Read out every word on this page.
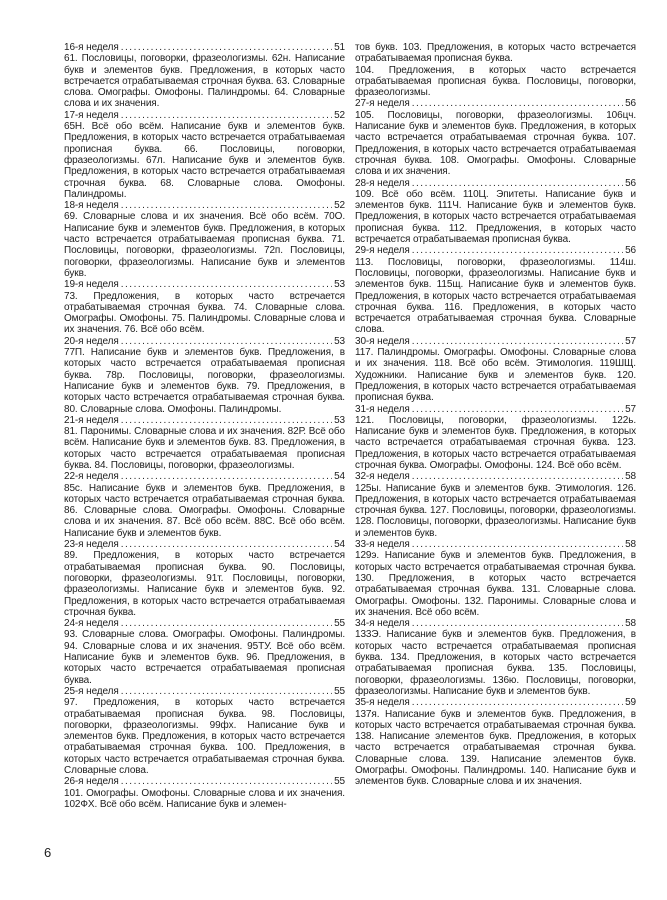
16-я неделя .....	51

61. Пословицы, поговорки, фразеологизмы. 62н. Написание букв и элементов букв. Предложения, в которых часто встречается отрабатываемая строчная буква. 63. Словарные слова. Омографы. Омофоны. Палиндромы. 64. Словарные слова и их значения.

17-я неделя .....	52

65Н. Всё обо всём. Написание букв и элементов букв. Предложения, в которых часто встречается отрабатываемая прописная буква. 66. Пословицы, поговорки, фразеологизмы. 67л. Написание букв и элементов букв. Предложения, в которых часто встречается отрабатываемая строчная буква. 68. Словарные слова. Омофоны. Палиндромы.

18-я неделя .....	52

69. Словарные слова и их значения. Всё обо всём. 70О. Написание букв и элементов букв. Предложения, в которых часто встречается отрабатываемая прописная буква. 71. Пословицы, поговорки, фразеологизмы. 72п. Пословицы, поговорки, фразеологизмы. Написание букв и элементов букв.

19-я неделя .....	53

73. Предложения, в которых часто встречается отрабатываемая строчная буква. 74. Словарные слова. Омографы. Омофоны. 75. Палиндромы. Словарные слова и их значения. 76. Всё обо всём.

20-я неделя .....	53

77П. Написание букв и элементов букв. Предложения, в которых часто встречается отрабатываемая прописная буква. 78р. Пословицы, поговорки, фразеологизмы. Написание букв и элементов букв. 79. Предложения, в которых часто встречается отрабатываемая строчная буква. 80. Словарные слова. Омофоны. Палиндромы.

21-я неделя .....	53

81. Паронимы. Словарные слова и их значения. 82Р. Всё обо всём. Написание букв и элементов букв. 83. Предложения, в которых часто встречается отрабатываемая прописная буква. 84. Пословицы, поговорки, фразеологизмы.

22-я неделя .....	54

85с. Написание букв и элементов букв. Предложения, в которых часто встречается отрабатываемая строчная буква. 86. Словарные слова. Омографы. Омофоны. Словарные слова и их значения. 87. Всё обо всём. 88С. Всё обо всём. Написание букв и элементов букв.

23-я неделя .....	54

89. Предложения, в которых часто встречается отрабатываемая прописная буква. 90. Пословицы, поговорки, фразеологизмы. 91т. Пословицы, поговорки, фразеологизмы. Написание букв и элементов букв. 92. Предложения, в которых часто встречается отрабатываемая строчная буква.

24-я неделя .....	55

93. Словарные слова. Омографы. Омофоны. Палиндромы. 94. Словарные слова и их значения. 95ТУ. Всё обо всём. Написание букв и элементов букв. 96. Предложения, в которых часто встречается отрабатываемая прописная буква.

25-я неделя .....	55

97. Предложения, в которых часто встречается отрабатываемая прописная буква. 98. Пословицы, поговорки, фразеологизмы. 99фх. Написание букв и элементов букв. Предложения, в которых часто встречается отрабатываемая строчная буква. 100. Предложения, в которых часто встречается отрабатываемая строчная буква. Словарные слова.

26-я неделя .....	55

101. Омографы. Омофоны. Словарные слова и их значения. 102ФХ. Всё обо всём. Написание букв и элемен-

тов букв. 103. Предложения, в которых часто встречается отрабатываемая прописная буква.

104. Предложения, в которых часто встречается отрабатываемая прописная буква. Пословицы, поговорки, фразеологизмы.

27-я неделя .....	56

105. Пословицы, поговорки, фразеологизмы. 106цч. Написание букв и элементов букв. Предложения, в которых часто встречается отрабатываемая строчная буква. 107. Предложения, в которых часто встречается отрабатываемая строчная буква. 108. Омографы. Омофоны. Словарные слова и их значения.

28-я неделя .....	56

109. Всё обо всём. 110Ц. Эпитеты. Написание букв и элементов букв. 111Ч. Написание букв и элементов букв. Предложения, в которых часто встречается отрабатываемая прописная буква. 112. Предложения, в которых часто встречается отрабатываемая прописная буква.

29-я неделя .....	56

113. Пословицы, поговорки, фразеологизмы. 114ш. Пословицы, поговорки, фразеологизмы. Написание букв и элементов букв. 115щ. Написание букв и элементов букв. Предложения, в которых часто встречается отрабатываемая строчная буква. 116. Предложения, в которых часто встречается отрабатываемая строчная буква. Словарные слова.

30-я неделя .....	57

117. Палиндромы. Омографы. Омофоны. Словарные слова и их значения. 118. Всё обо всём. Этимология. 119ШЩ. Художники. Написание букв и элементов букв. 120. Предложения, в которых часто встречается отрабатываемая прописная буква.

31-я неделя .....	57

121. Пословицы, поговорки, фразеологизмы. 122ь. Написание букв и элементов букв. Предложения, в которых часто встречается отрабатываемая строчная буква. 123. Предложения, в которых часто встречается отрабатываемая строчная буква. Омографы. Омофоны. 124. Всё обо всём.

32-я неделя .....	58

125ы. Написание букв и элементов букв. Этимология. 126. Предложения, в которых часто встречается отрабатываемая строчная буква. 127. Пословицы, поговорки, фразеологизмы. 128. Пословицы, поговорки, фразеологизмы. Написание букв и элементов букв.

33-я неделя .....	58

129э. Написание букв и элементов букв. Предложения, в которых часто встречается отрабатываемая строчная буква. 130. Предложения, в которых часто встречается отрабатываемая строчная буква. 131. Словарные слова. Омографы. Омофоны. 132. Паронимы. Словарные слова и их значения. Всё обо всём.

34-я неделя .....	58

133Э. Написание букв и элементов букв. Предложения, в которых часто встречается отрабатываемая прописная буква. 134. Предложения, в которых часто встречается отрабатываемая прописная буква. 135. Пословицы, поговорки, фразеологизмы. 136ю. Пословицы, поговорки, фразеологизмы. Написание букв и элементов букв.

35-я неделя .....	59

137я. Написание букв и элементов букв. Предложения, в которых часто встречается отрабатываемая строчная буква. 138. Написание элементов букв. Предложения, в которых часто встречается отрабатываемая строчная буква. Словарные слова. 139. Написание элементов букв. Омографы. Омофоны. Палиндромы. 140. Написание букв и элементов букв. Словарные слова и их значения.

6
